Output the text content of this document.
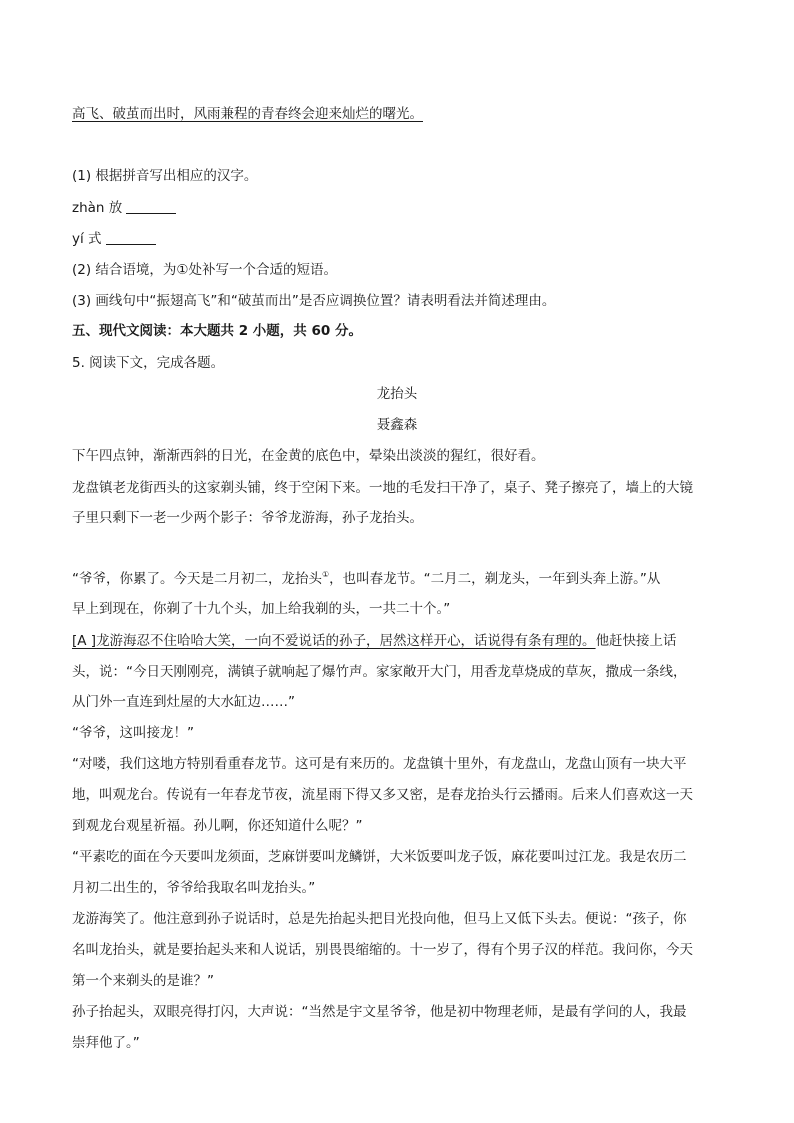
高飞、破茧而出时，风雨兼程的青春终会迎来灿烂的曙光。
(1) 根据拼音写出相应的汉字。
zhàn 放
yí 式
(2) 结合语境，为①处补写一个合适的短语。
(3) 画线句中“振翅高飞”和“破茧而出”是否应调换位置？请表明看法并简述理由。
五、现代文阅读：本大题共 2 小题，共 60 分。
5. 阅读下文，完成各题。
龙抬头
聂鑫森
下午四点钟，渐渐西斜的日光，在金黄的底色中，晕染出淡淡的猩红，很好看。
龙盘镇老龙街西头的这家剃头铺，终于空闲下来。一地的毛发扫干净了，桌子、凳子擦亮了，墙上的大镜
子里只剩下一老一少两个影子：爷爷龙游海，孙子龙抬头。
“爷爷，你累了。今天是二月初二，龙抬头①，也叫春龙节。“二月二，剃龙头，一年到头奔上游。”从
早上到现在，你剃了十九个头，加上给我剃的头，一共二十个。”
[A ]龙游海忍不住哈哈大笑，一向不爱说话的孙子，居然这样开心，话说得有条有理的。他赶快接上话
头，说：“今日天刚刚亮，满镇子就响起了爆竹声。家家敞开大门，用香龙草烧成的草灰，撒成一条线，
从门外一直连到灶屋的大水缸边……”
“爷爷，这叫接龙！”
“对喽，我们这地方特别看重春龙节。这可是有来历的。龙盘镇十里外，有龙盘山，龙盘山顶有一块大平
地，叫观龙台。传说有一年春龙节夜，流星雨下得又多又密，是春龙抬头行云播雨。后来人们喜欢这一天
到观龙台观星祈福。孙儿啊，你还知道什么呢？”
“平素吃的面在今天要叫龙须面，芝麻饼要叫龙鳞饼，大米饭要叫龙子饭，麻花要叫过江龙。我是农历二
月初二出生的，爷爷给我取名叫龙抬头。”
龙游海笑了。他注意到孙子说话时，总是先抬起头把目光投向他，但马上又低下头去。便说：“孩子，你
名叫龙抬头，就是要抬起头来和人说话，别畏畏缩缩的。十一岁了，得有个男子汉的样范。我问你，今天
第一个来剃头的是谁？”
孙子抬起头，双眼亮得打闪，大声说：“当然是宇文星爷爷，他是初中物理老师，是最有学问的人，我最
崇拜他了。”
